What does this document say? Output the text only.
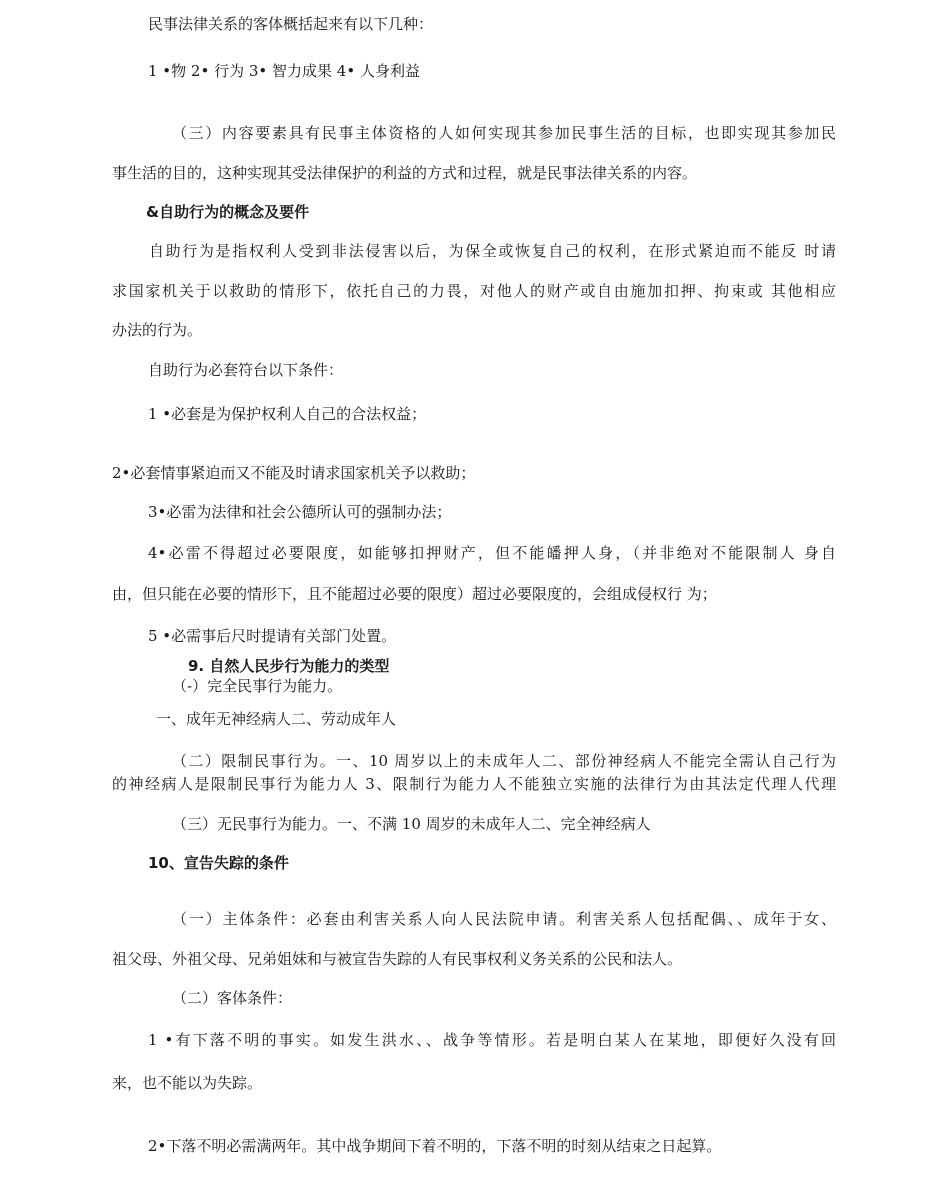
民事法律关系的客体概括起来有以下几种：
1 •物 2• 行为 3• 智力成果 4• 人身利益
（三）内容要素具有民事主体资格的人如何实现其参加民事生活的目标，也即实现其参加民
事生活的目的，这种实现其受法律保护的利益的方式和过程，就是民事法律关系的内容。
&自助行为的概念及要件
自助行为是指权利人受到非法侵害以后，为保全或恢复自己的权利，在形式紧迫而不能反 时请
求国家机关于以救助的情形下，依托自己的力畏，对他人的财产或自由施加扣押、拘束或 其他相应
办法的行为。
自助行为必套符台以下条件：
1 •必套是为保护权利人自己的合法权益；
2•必套情事紧迫而又不能及时请求国家机关予以救助；
3•必雷为法律和社会公德所认可的强制办法；
4•必雷不得超过必要限度，如能够扣押财产，但不能皤押人身，（并非绝对不能限制人 身自
由，但只能在必要的情形下，且不能超过必要的限度）超过必要限度的，会组成侵权行 为；
5 •必需事后尺时提请有关部门处置。
9. 自然人民步行为能力的类型
（-）完全民事行为能力。
一、成年无神经病人二、劳动成年人
（二）限制民事行为。一、10 周岁以上的未成年人二、部份神经病人不能完全需认自己行为
的神经病人是限制民事行为能力人 3、限制行为能力人不能独立实施的法律行为由其法定代理人代理
（三）无民事行为能力。一、不满 10 周岁的未成年人二、完全神经病人
10、宣告失踪的条件
（一）主体条件：必套由利害关系人向人民法院申请。利害关系人包括配偶、、成年于女、
祖父母、外祖父母、兄弟姐妹和与被宣告失踪的人有民事权利义务关系的公民和法人。
（二）客体条件：
1 •有下落不明的事实。如发生洪水、、战争等情形。若是明白某人在某地，即便好久没有回
来，也不能以为失踪。
2•下落不明必需满两年。其中战争期间下着不明的，下落不明的时刻从结束之日起算。
